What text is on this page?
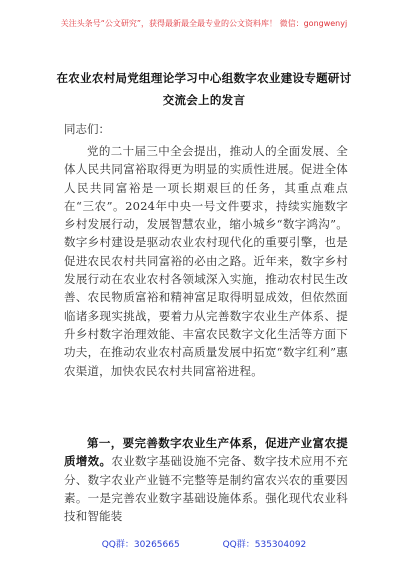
关注头条号“公文研究”，获得最新最全最专业的公文资料库！ 微信：gongwenyj
在农业农村局党组理论学习中心组数字农业建设专题研讨
交流会上的发言
同志们：

党的二十届三中全会提出，推动人的全面发展、全体人民共同富裕取得更为明显的实质性进展。促进全体人民共同富裕是一项长期艰巨的任务，其重点难点在“三农”。2024年中央一号文件要求，持续实施数字乡村发展行动，发展智慧农业，缩小城乡“数字鸿沟”。数字乡村建设是驱动农业农村现代化的重要引擎，也是促进农民农村共同富裕的必由之路。近年来，数字乡村发展行动在农业农村各领域深入实施，推动农村民生改善、农民物质富裕和精神富足取得明显成效，但依然面临诸多现实挑战，要着力从完善数字农业生产体系、提升乡村数字治理效能、丰富农民数字文化生活等方面下功夫，在推动农业农村高质量发展中拓宽“数字红利”惠农渠道，加快农民农村共同富裕进程。

第一，要完善数字农业生产体系，促进产业富农提质增效。农业数字基础设施不完备、数字技术应用不充分、数字农业产业链不完整等是制约富农兴农的重要因素。一是完善农业数字基础设施体系。强化现代农业科技和智能装

QQ群：30265665	QQ群：535304092
